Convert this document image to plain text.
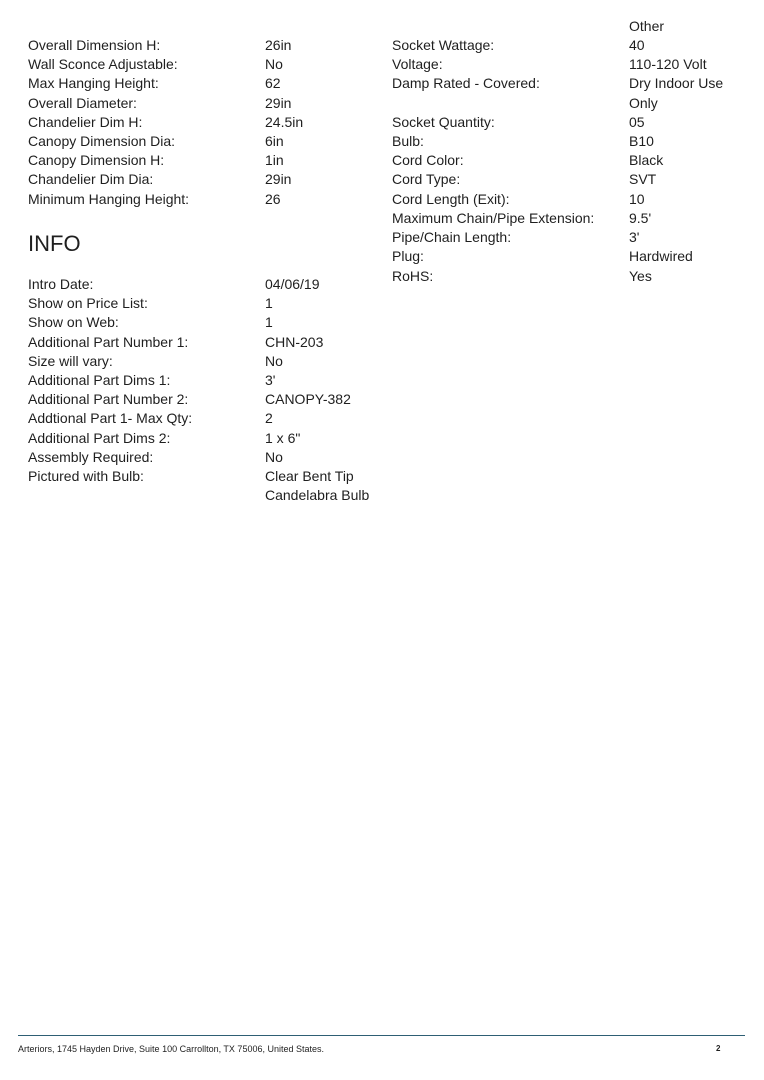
Overall Dimension H:	26in
Wall Sconce Adjustable:	No
Max Hanging Height:	62
Overall Diameter:	29in
Chandelier Dim H:	24.5in
Canopy Dimension Dia:	6in
Canopy Dimension H:	1in
Chandelier Dim Dia:	29in
Minimum Hanging Height:	26
INFO
Intro Date:	04/06/19
Show on Price List:	1
Show on Web:	1
Additional Part Number 1:	CHN-203
Size will vary:	No
Additional Part Dims 1:	3'
Additional Part Number 2:	CANOPY-382
Addtional Part 1- Max Qty:	2
Additional Part Dims 2:	1 x 6"
Assembly Required:	No
Pictured with Bulb:	Clear Bent Tip
Candelabra Bulb
Other
Socket Wattage:	40
Voltage:	110-120 Volt
Damp Rated - Covered:	Dry Indoor Use
Only
Socket Quantity:	05
Bulb:	B10
Cord Color:	Black
Cord Type:	SVT
Cord Length (Exit):	10
Maximum Chain/Pipe Extension: 9.5'
Pipe/Chain Length:	3'
Plug:	Hardwired
RoHS:	Yes
Arteriors, 1745 Hayden Drive, Suite 100 Carrollton, TX 75006, United States.	2
